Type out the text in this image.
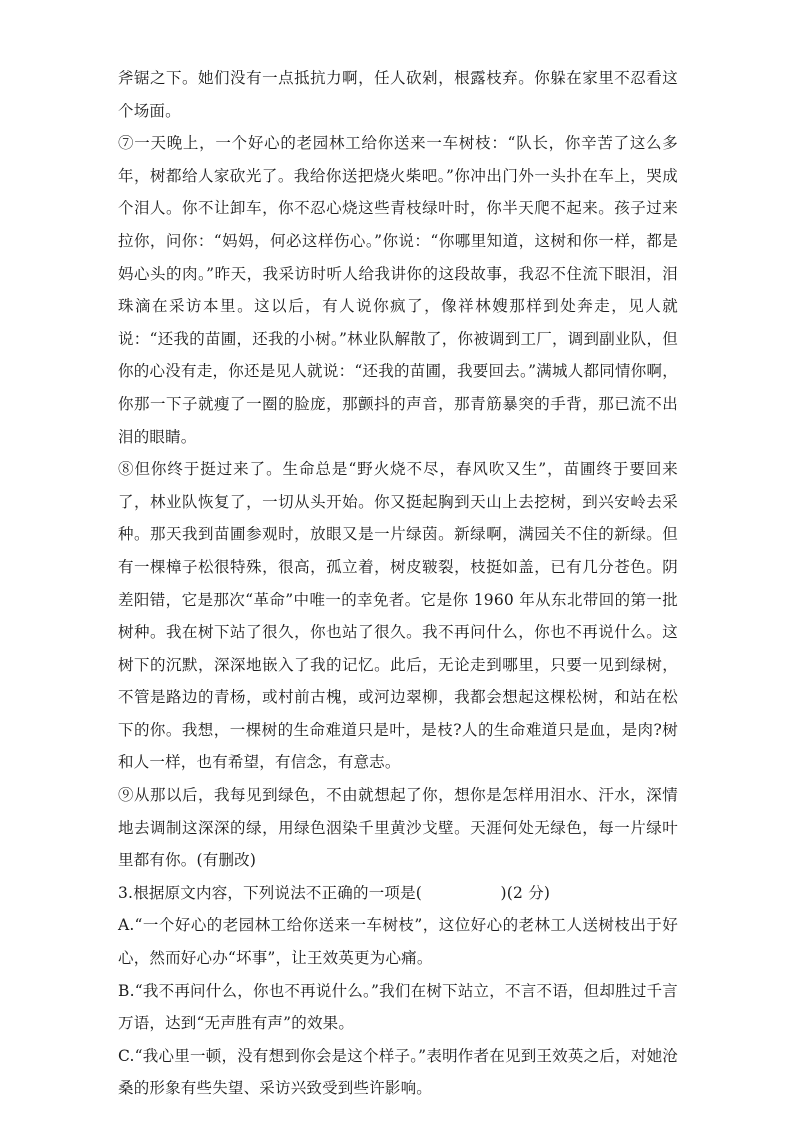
斧锯之下。她们没有一点抵抗力啊，任人砍剁，根露枝弃。你躲在家里不忍看这个场面。

⑦一天晚上，一个好心的老园林工给你送来一车树枝：“队长，你辛苦了这么多年，树都给人家砍光了。我给你送把烧火柴吧。”你冲出门外一头扑在车上，哭成个泪人。你不让卸车，你不忍心烧这些青枝绿叶时，你半天爬不起来。孩子过来拉你，问你：“妈妈，何必这样伤心。”你说：“你哪里知道，这树和你一样，都是妈心头的肉。”昨天，我采访时听人给我讲你的这段故事，我忍不住流下眼泪，泪珠滴在采访本里。这以后，有人说你疯了，像祥林嫂那样到处奔走，见人就说：“还我的苗圃，还我的小树。”林业队解散了，你被调到工厂，调到副业队，但你的心没有走，你还是见人就说：“还我的苗圃，我要回去。”满城人都同情你啊，你那一下子就瘦了一圈的脸庞，那颤抖的声音，那青筋暴突的手背，那已流不出泪的眼睛。

⑧但你终于挺过来了。生命总是“野火烧不尽，春风吹又生”，苗圃终于要回来了，林业队恢复了，一切从头开始。你又挺起胸到天山上去挖树，到兴安岭去采种。那天我到苗圃参观时，放眼又是一片绿茵。新绿啊，满园关不住的新绿。但有一棵樟子松很特殊，很高，孤立着，树皮皲裂，枝挺如盖，已有几分苍色。阴差阳错，它是那次“革命”中唯一的幸免者。它是你 1960 年从东北带回的第一批树种。我在树下站了很久，你也站了很久。我不再问什么，你也不再说什么。这树下的沉默，深深地嵌入了我的记忆。此后，无论走到哪里，只要一见到绿树，不管是路边的青杨，或村前古槐，或河边翠柳，我都会想起这棵松树，和站在松下的你。我想，一棵树的生命难道只是叶，是枝?人的生命难道只是血，是肉?树和人一样，也有希望，有信念，有意志。

⑨从那以后，我每见到绿色，不由就想起了你，想你是怎样用泪水、汗水，深情地去调制这深深的绿，用绿色洇染千里黄沙戈壁。天涯何处无绿色，每一片绿叶里都有你。(有删改)

3.根据原文内容，下列说法不正确的一项是(　　　　　)(2 分)

A.“一个好心的老园林工给你送来一车树枝”，这位好心的老林工人送树枝出于好心，然而好心办“坏事”，让王效英更为心痛。

B.“我不再问什么，你也不再说什么。”我们在树下站立，不言不语，但却胜过千言万语，达到“无声胜有声”的效果。

C.“我心里一顿，没有想到你会是这个样子。”表明作者在见到王效英之后，对她沧桑的形象有些失望、采访兴致受到些许影响。
